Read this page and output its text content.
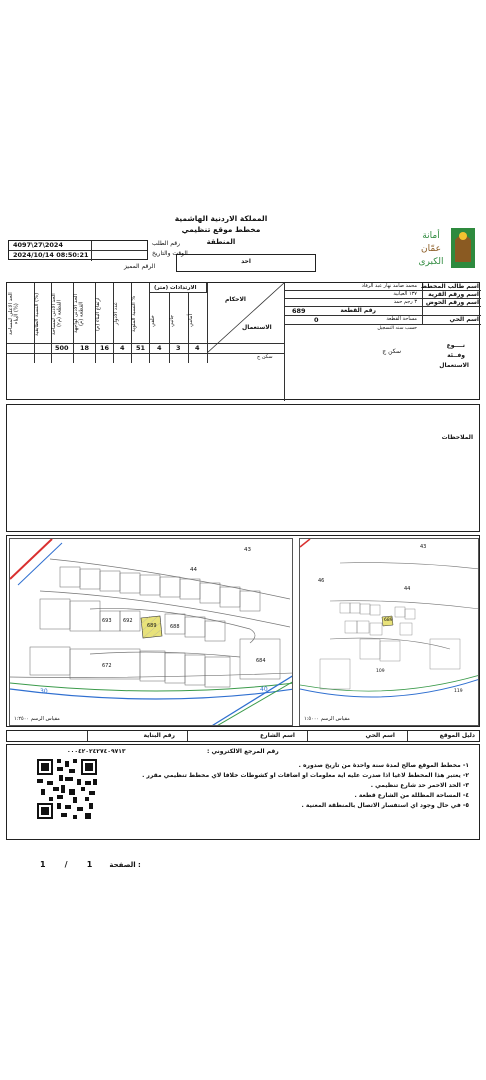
المملكة الاردنية الهاشمية
مخطط موقع تنظيمي
المنطقة
احد
أمانة
عمّان
الكبرى
4097\27\2024
2024/10/14 08:50:21
رقم الطلب
الوقت والتاريخ
الرقم المميز
اسم طالب المخطط
محمد صامد نهار عبد الرفاد
اسم ورقم القرية
١٣٧ العيانية
اسم ورقم الحوض
٣ رجم حمد
رقم القطعة
689
اسم الحي
مساحة القطعة
0
حسب سند التسجيل
نــــوع
وفــئة
الاستعمال
سكن ج
الاحكام
الاستعمال
الارتدادات (متر)
الحد الاعلى لمساحة البناء (%)	النسبة الطابقية (%)	الحد الادنى لمساحة القطعة (م٢)	الحد الادنى لواجهة القطعة (م)	ارتفاع البناء (م)	عدد الادوار	النسبة المئوية %
خلفي	جانبي	أمامي
500 18 16 4 51 4 3 4
سكن ج
الملاحظات
43
44
689
692
688
693
672
684
30	40
مقياس الرسم ١:٢٥٠٠
43
44
46
689
109
119
مقياس الرسم ١:٥٠٠٠
دليل الموقع
اسم الحي
اسم الشارع
رقم البناية
رقم المرجع الالكتروني :
٠٠٠٤٢٠٢٤٢٧٤٠٩٧١٣
١- مخطط الموقع صالح لمدة سنة واحدة من تاريخ صدوره .
٢- يعتبر هذا المخطط لاغيا اذا صدرت عليه اية معلومات او اضافات او كشوطات خلافا لاي مخطط تنظيمي مقرر .
٣- الحد الاحمر حد شارع تنظيمي .
٤- المساحة المظللة من الشارع قطعة .
٥- في حال وجود اي استفسار الاتصال بالمنطقة المعنية .
1 / 1 الصفحة :
